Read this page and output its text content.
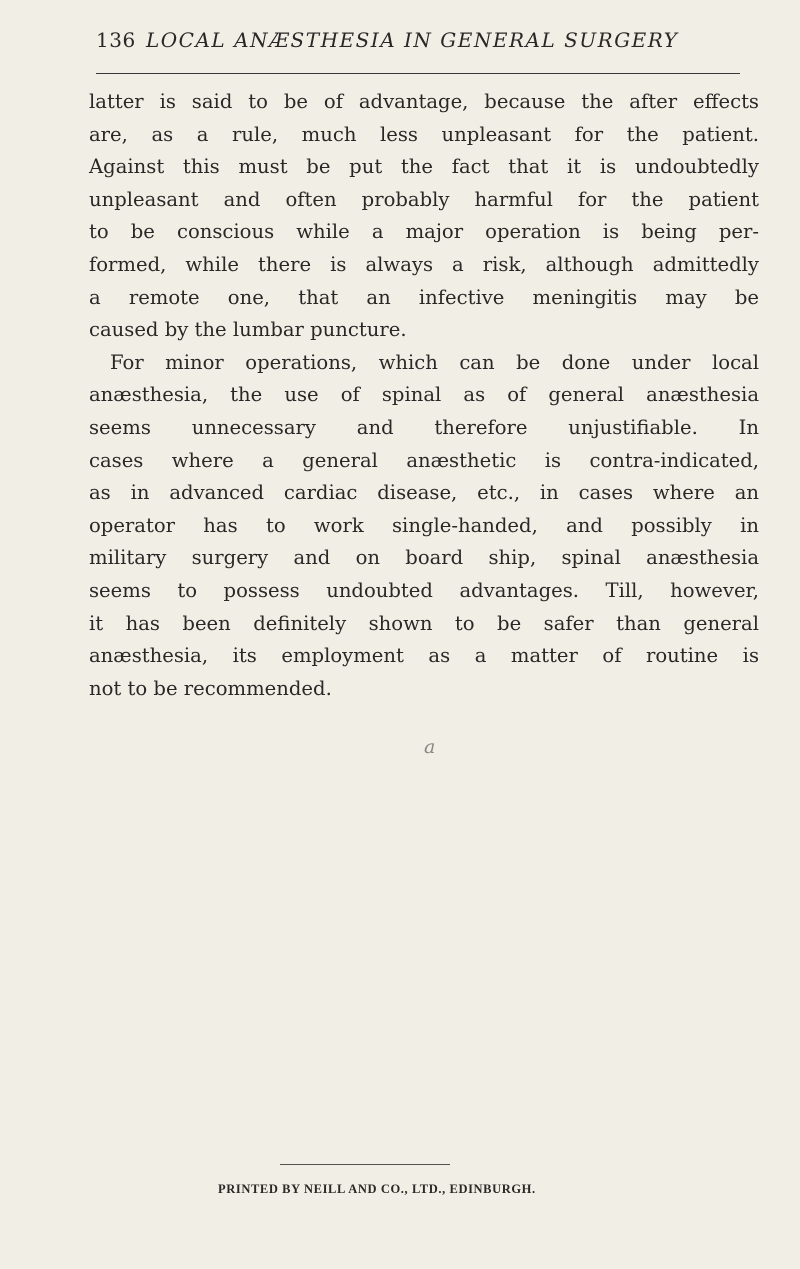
136 LOCAL ANÆSTHESIA IN GENERAL SURGERY
latter is said to be of advantage, because the after effects
are, as a rule, much less unpleasant for the patient.
Against this must be put the fact that it is undoubtedly
unpleasant and often probably harmful for the patient
to be conscious while a major operation is being per-
formed, while there is always a risk, although admittedly
a remote one, that an infective meningitis may be
caused by the lumbar puncture.
For minor operations, which can be done under local
anæsthesia, the use of spinal as of general anæsthesia
seems unnecessary and therefore unjustifiable. In
cases where a general anæsthetic is contra-indicated,
as in advanced cardiac disease, etc., in cases where an
operator has to work single-handed, and possibly in
military surgery and on board ship, spinal anæsthesia
seems to possess undoubted advantages. Till, however,
it has been definitely shown to be safer than general
anæsthesia, its employment as a matter of routine is
not to be recommended.
a
PRINTED BY NEILL AND CO., LTD., EDINBURGH.
